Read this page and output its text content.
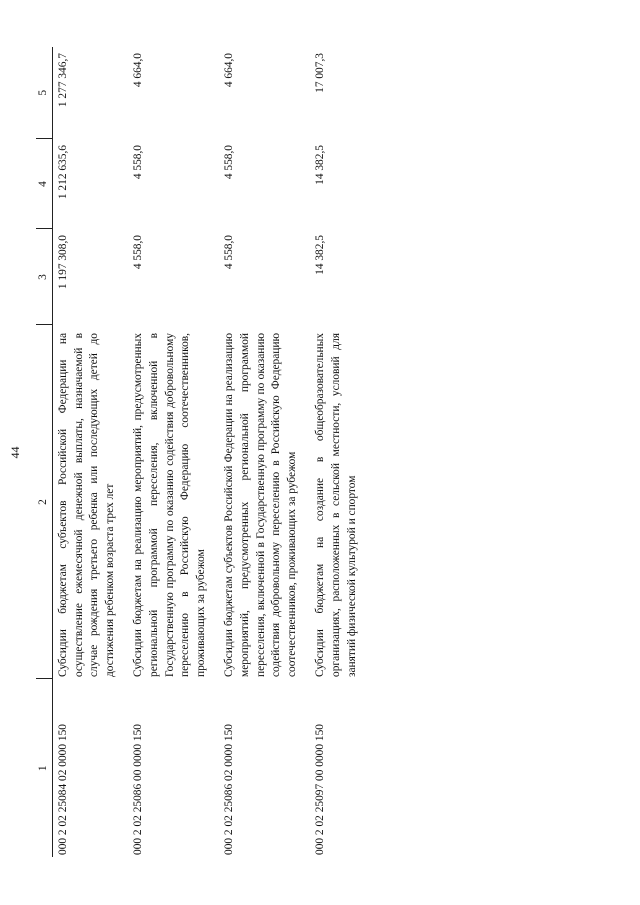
44
1	2	3	4	5
000 2 02 25084 02 0000 150	Субсидии бюджетам субъектов Российской Федерации на осуществление ежемесячной денежной выплаты, назначаемой в случае рождения третьего ребенка или последующих детей до достижения ребенком возраста трех лет	1 197 308,0	1 212 635,6	1 277 346,7
000 2 02 25086 00 0000 150	Субсидии бюджетам на реализацию мероприятий, предусмотренных региональной программой переселения, включенной в Государственную программу по оказанию содействия добровольному переселению в Российскую Федерацию соотечественников, проживающих за рубежом	4 558,0	4 558,0	4 664,0
000 2 02 25086 02 0000 150	Субсидии бюджетам субъектов Российской Федерации на реализацию мероприятий, предусмотренных региональной программой переселения, включенной в Государственную программу по оказанию содействия добровольному переселению в Российскую Федерацию соотечественников, проживающих за рубежом	4 558,0	4 558,0	4 664,0
000 2 02 25097 00 0000 150	Субсидии бюджетам на создание в общеобразовательных организациях, расположенных в сельской местности, условий для занятий физической культурой и спортом	14 382,5	14 382,5	17 007,3
